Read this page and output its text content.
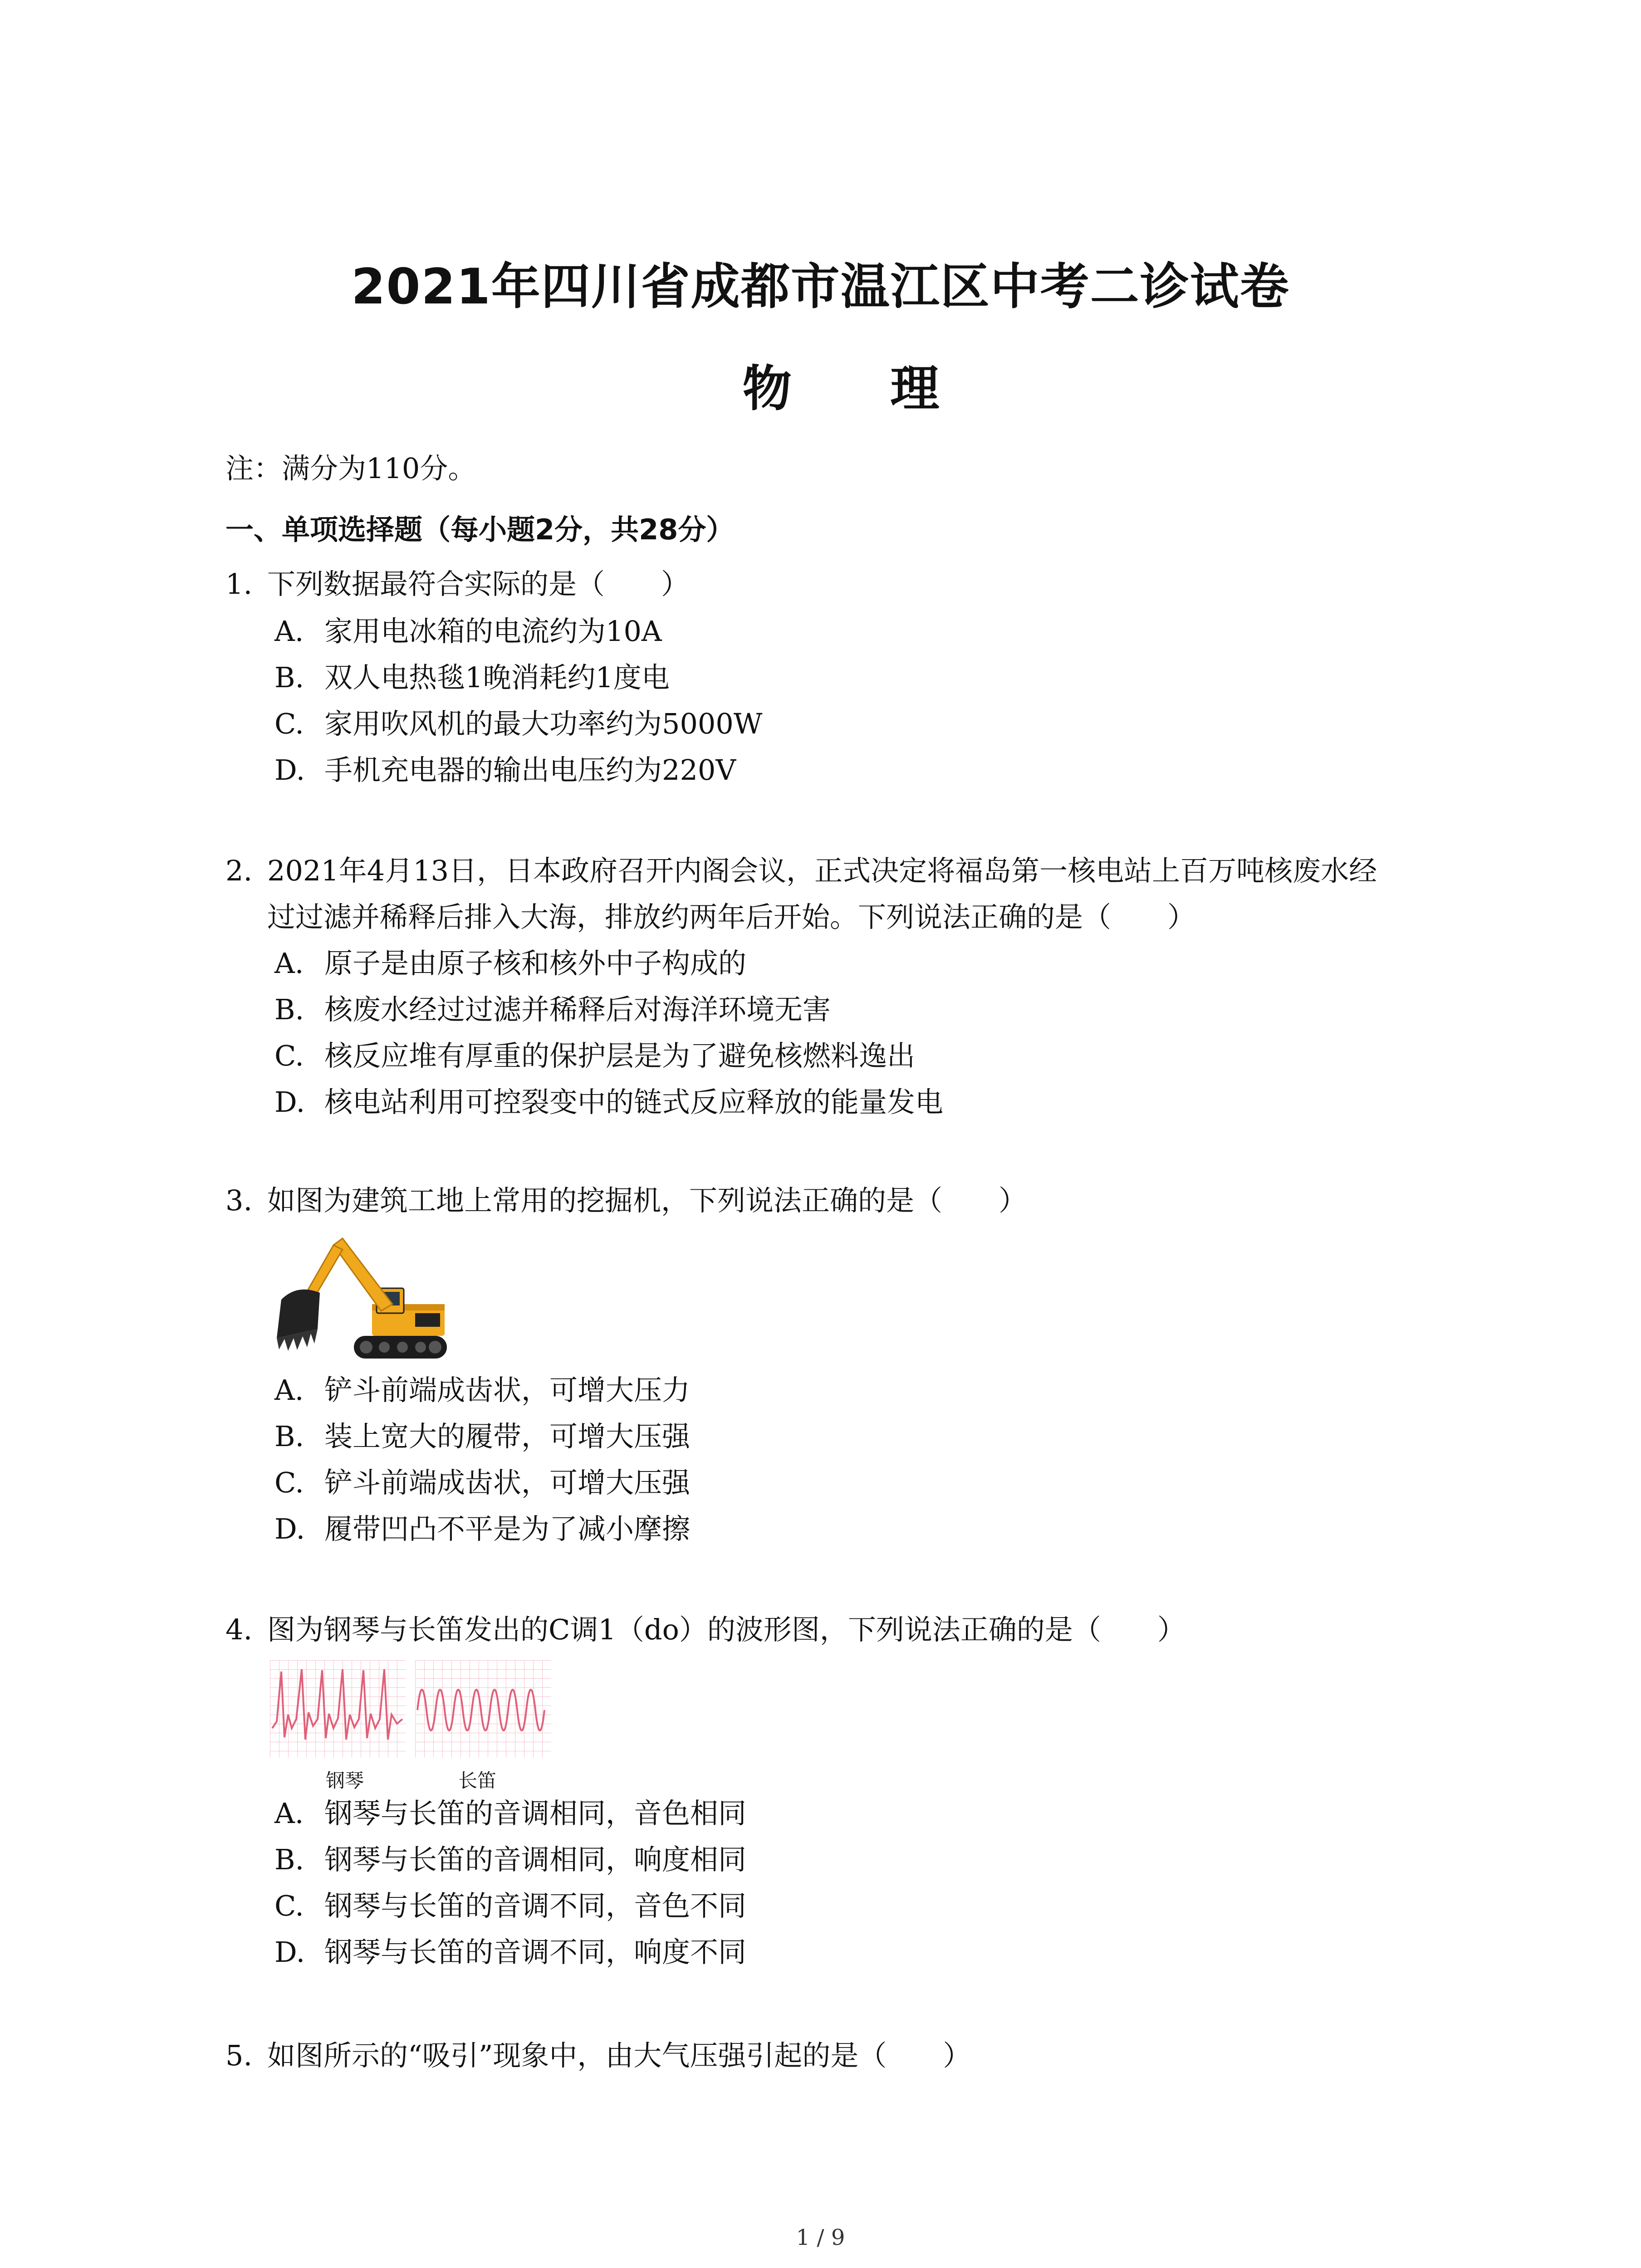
2021年四川省成都市温江区中考二诊试卷
物 理
注：满分为110分。
一、单项选择题（每小题2分，共28分）
1. 下列数据最符合实际的是（　　）
A. 家用电冰箱的电流约为10A
B. 双人电热毯1晚消耗约1度电
C. 家用吹风机的最大功率约为5000W
D. 手机充电器的输出电压约为220V
2. 2021年4月13日，日本政府召开内阁会议，正式决定将福岛第一核电站上百万吨核废水经
过过滤并稀释后排入大海，排放约两年后开始。下列说法正确的是（　　）
A. 原子是由原子核和核外中子构成的
B. 核废水经过过滤并稀释后对海洋环境无害
C. 核反应堆有厚重的保护层是为了避免核燃料逸出
D. 核电站利用可控裂变中的链式反应释放的能量发电
3. 如图为建筑工地上常用的挖掘机，下列说法正确的是（　　）
A. 铲斗前端成齿状，可增大压力
B. 装上宽大的履带，可增大压强
C. 铲斗前端成齿状，可增大压强
D. 履带凹凸不平是为了减小摩擦
4. 图为钢琴与长笛发出的C调1（do）的波形图，下列说法正确的是（　　）
钢琴	长笛
A. 钢琴与长笛的音调相同，音色相同
B. 钢琴与长笛的音调相同，响度相同
C. 钢琴与长笛的音调不同，音色不同
D. 钢琴与长笛的音调不同，响度不同
5. 如图所示的“吸引”现象中，由大气压强引起的是（　　）
1 / 9
